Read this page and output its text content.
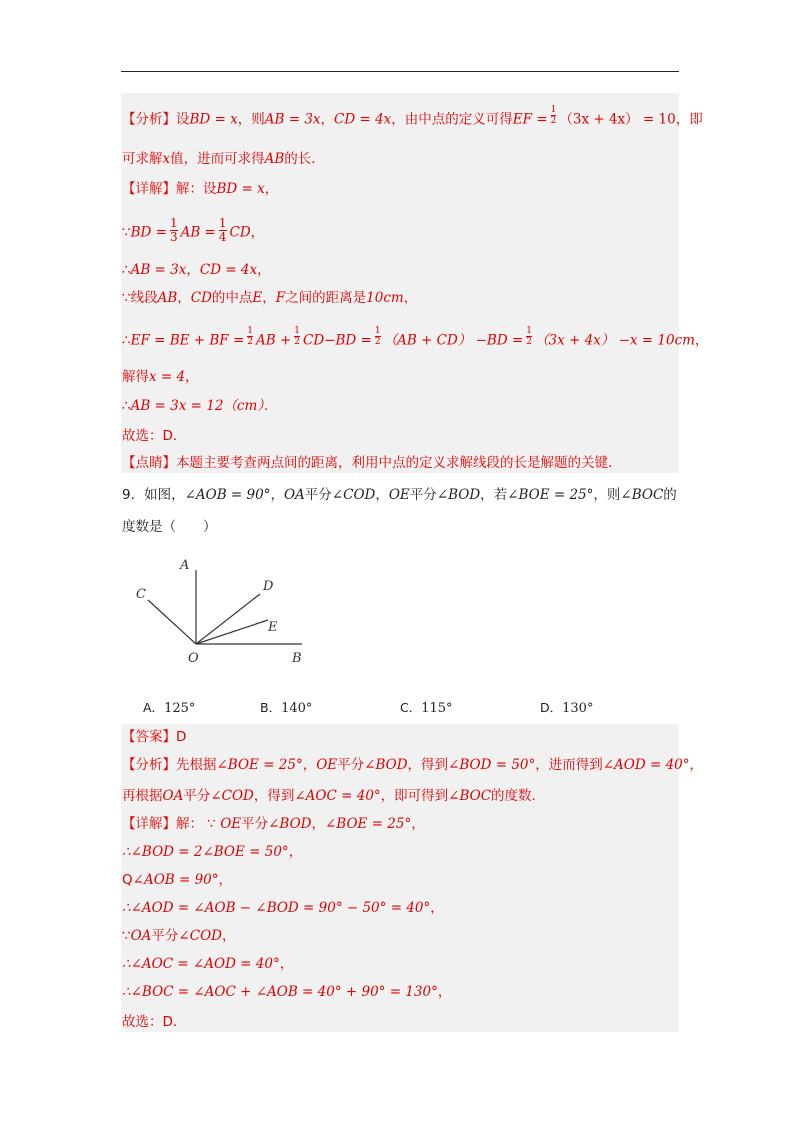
【分析】设BD = x，则AB = 3x，CD = 4x，由中点的定义可得EF = $\frac{1}{2} (3x + 4x) = 10$，即
可求解x值，进而可求得AB的长．
【详解】解：设BD = x，
∵BD = $\frac{1}{3}$ AB = $\frac{1}{4}$ CD，
∴AB = 3x，CD = 4x，
∵线段AB，CD的中点E，F之间的距离是10cm，
∴EF = BE + BF = $\frac{1}{2}$ AB + $\frac{1}{2} CD-BD = \frac{1}{2} (AB + CD) -BD = \frac{1}{2} (3x + 4x) -x = 10cm$，
解得x = 4，
∴AB = 3x = 12（cm）．
故选：D．
【点睛】本题主要考查两点间的距离，利用中点的定义求解线段的长是解题的关键．
9．如图，∠AOB = 90°，OA平分∠COD，OE平分∠BOD，若∠BOE = 25°，则∠BOC的
度数是（　　）
A
C
D
E
O	B
A．125°	B．140°	C．115°	D．130°
【答案】D
【分析】先根据∠BOE = 25°，OE平分∠BOD，得到∠BOD = 50°，进而得到∠AOD = 40°，
再根据OA平分∠COD，得到∠AOC = 40°，即可得到∠BOC的度数．
【详解】解： ∵ OE平分∠BOD，∠BOE = 25°，
∴∠BOD = 2∠BOE = 50°，
Q∠AOB = 90°，
∴∠AOD = ∠AOB − ∠BOD = 90° − 50° = 40°，
∵OA平分∠COD，
∴∠AOC = ∠AOD = 40°，
∴∠BOC = ∠AOC + ∠AOB = 40° + 90° = 130°，
故选：D．
